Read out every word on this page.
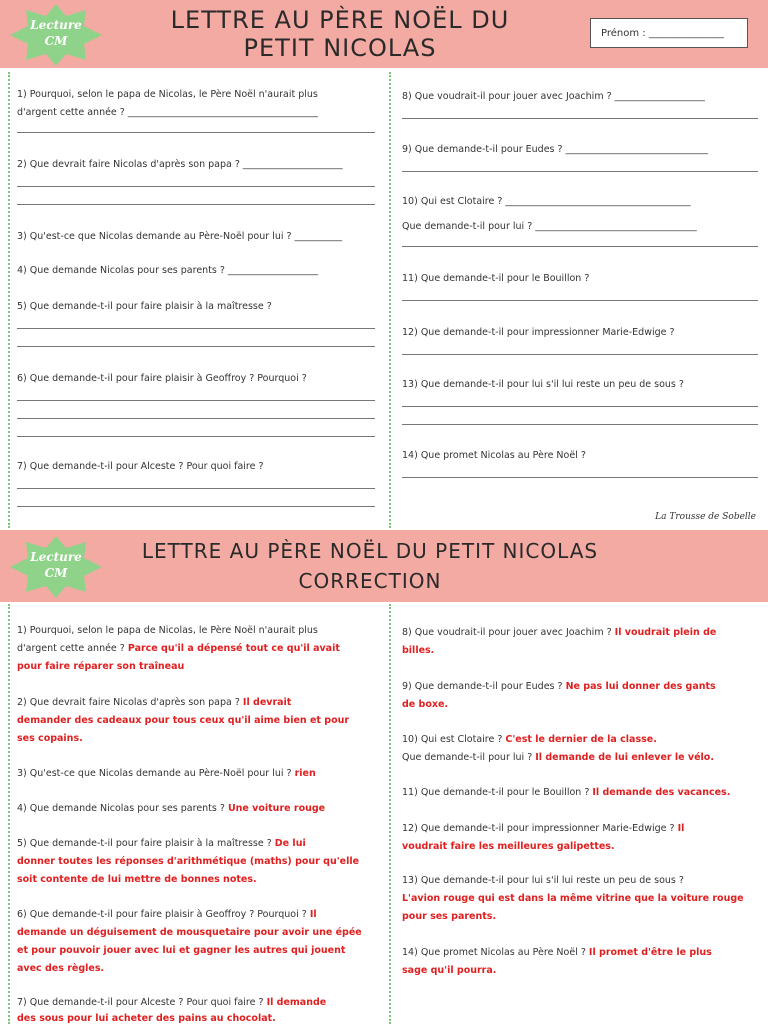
Lecture
CM
LETTRE AU PÈRE NOËL DU
PETIT NICOLAS
Prénom : _______________
1) Pourquoi, selon le papa de Nicolas, le Père Noël n'aurait plus
d'argent cette année ? ________________________________________
2) Que devrait faire Nicolas d'après son papa ? _____________________
3) Qu'est-ce que Nicolas demande au Père-Noël pour lui ? __________
4) Que demande Nicolas pour ses parents ? ___________________
5) Que demande-t-il pour faire plaisir à la maîtresse ?
6) Que demande-t-il pour faire plaisir à Geoffroy ? Pourquoi ?
7) Que demande-t-il pour Alceste ? Pour quoi faire ?
8) Que voudrait-il pour jouer avec Joachim ? ___________________
9) Que demande-t-il pour Eudes ? ______________________________
10) Qui est Clotaire ? _______________________________________
Que demande-t-il pour lui ? __________________________________
11) Que demande-t-il pour le Bouillon ?
12) Que demande-t-il pour impressionner Marie-Edwige ?
13) Que demande-t-il pour lui s'il lui reste un peu de sous ?
14) Que promet Nicolas au Père Noël ?
La Trousse de Sobelle
Lecture
CM
LETTRE AU PÈRE NOËL DU PETIT NICOLAS
CORRECTION
1) Pourquoi, selon le papa de Nicolas, le Père Noël n'aurait plus
d'argent cette année ? Parce qu'il a dépensé tout ce qu'il avait
pour faire réparer son traîneau
2) Que devrait faire Nicolas d'après son papa ? Il devrait
demander des cadeaux pour tous ceux qu'il aime bien et pour
ses copains.
3) Qu'est-ce que Nicolas demande au Père-Noël pour lui ? rien
4) Que demande Nicolas pour ses parents ? Une voiture rouge
5) Que demande-t-il pour faire plaisir à la maîtresse ? De lui
donner toutes les réponses d'arithmétique (maths) pour qu'elle
soit contente de lui mettre de bonnes notes.
6) Que demande-t-il pour faire plaisir à Geoffroy ? Pourquoi ? Il
demande un déguisement de mousquetaire pour avoir une épée
et pour pouvoir jouer avec lui et gagner les autres qui jouent
avec des règles.
7) Que demande-t-il pour Alceste ? Pour quoi faire ? Il demande
des sous pour lui acheter des pains au chocolat.
8) Que voudrait-il pour jouer avec Joachim ? Il voudrait plein de
billes.
9) Que demande-t-il pour Eudes ? Ne pas lui donner des gants
de boxe.
10) Qui est Clotaire ? C'est le dernier de la classe.
Que demande-t-il pour lui ? Il demande de lui enlever le vélo.
11) Que demande-t-il pour le Bouillon ? Il demande des vacances.
12) Que demande-t-il pour impressionner Marie-Edwige ? Il
voudrait faire les meilleures galipettes.
13) Que demande-t-il pour lui s'il lui reste un peu de sous ?
L'avion rouge qui est dans la même vitrine que la voiture rouge
pour ses parents.
14) Que promet Nicolas au Père Noël ? Il promet d'être le plus
sage qu'il pourra.
